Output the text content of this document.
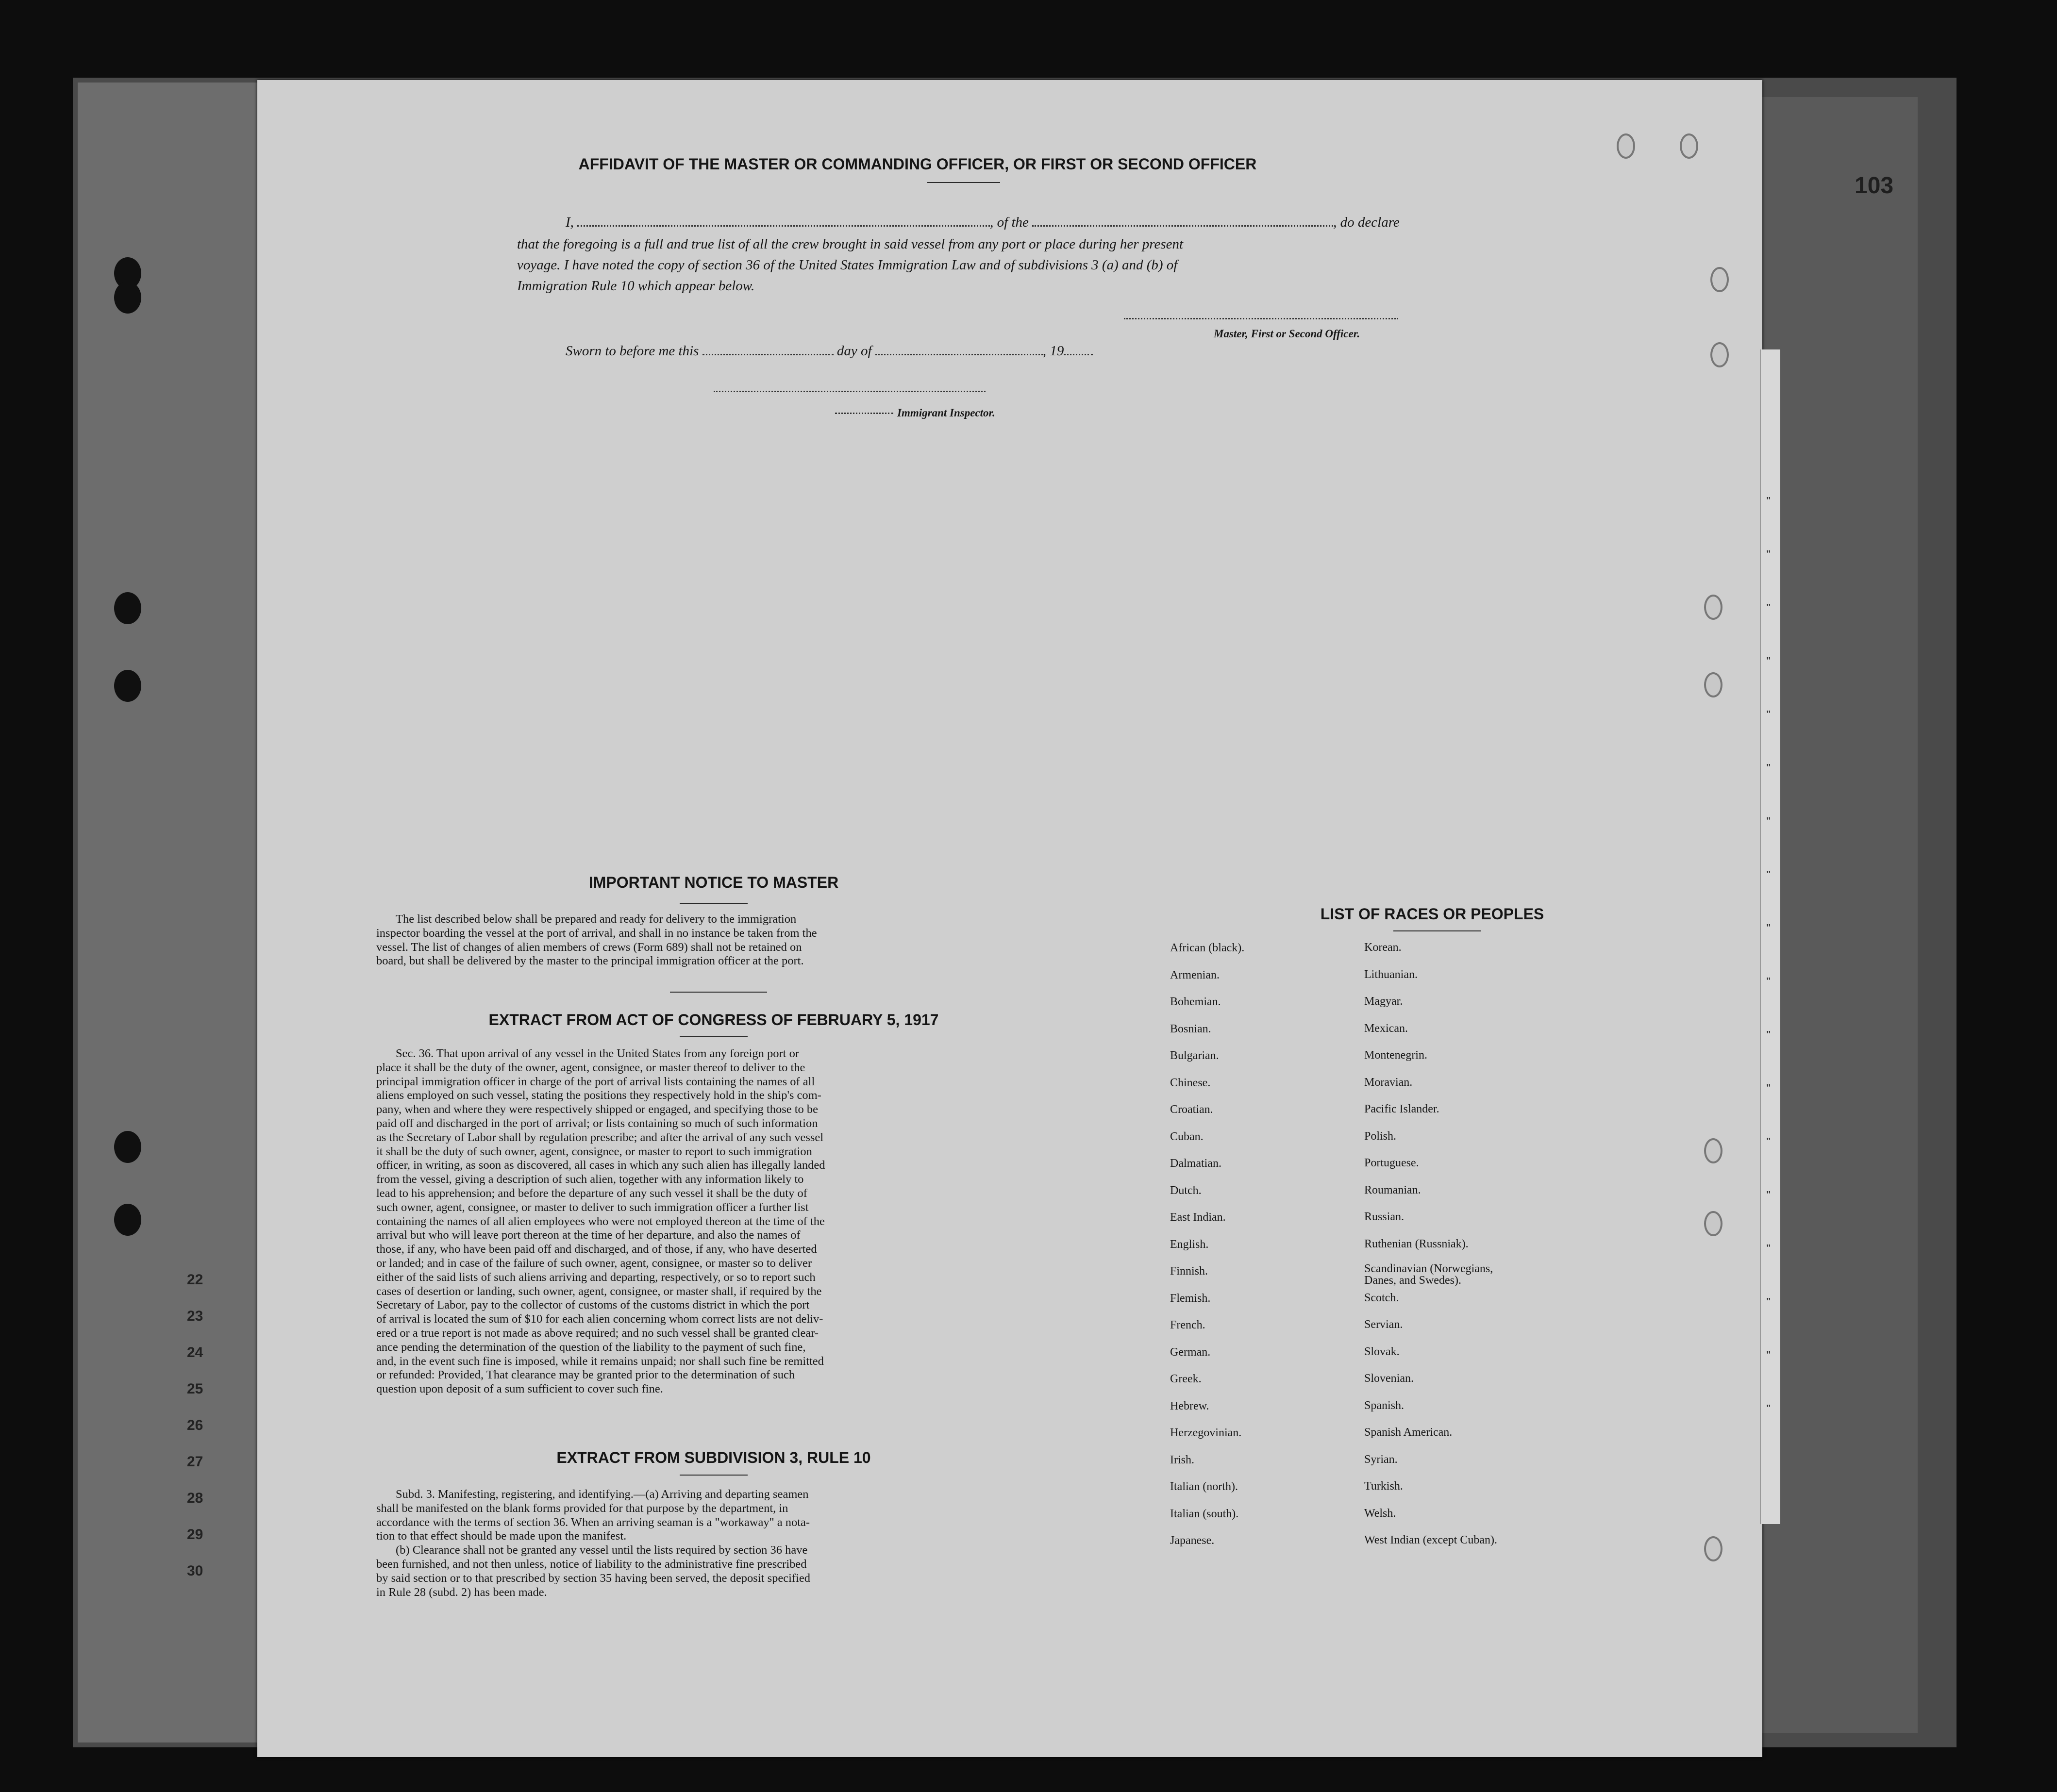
103
22
23
24
25
26
27
28
29
30
AFFIDAVIT OF THE MASTER OR COMMANDING OFFICER, OR FIRST OR SECOND OFFICER
I,	, of the	, do declare
that the foregoing is a full and true list of all the crew brought in said vessel from any port or place during her present
voyage. I have noted the copy of section 36 of the United States Immigration Law and of subdivisions 3 (a) and (b) of
Immigration Rule 10 which appear below.
Master, First or Second Officer.
Sworn to before me this	day of	, 19
Immigrant Inspector.
IMPORTANT NOTICE TO MASTER
The list described below shall be prepared and ready for delivery to the immigration
inspector boarding the vessel at the port of arrival, and shall in no instance be taken from the
vessel. The list of changes of alien members of crews (Form 689) shall not be retained on
board, but shall be delivered by the master to the principal immigration officer at the port.
EXTRACT FROM ACT OF CONGRESS OF FEBRUARY 5, 1917
Sec. 36. That upon arrival of any vessel in the United States from any foreign port or
place it shall be the duty of the owner, agent, consignee, or master thereof to deliver to the
principal immigration officer in charge of the port of arrival lists containing the names of all
aliens employed on such vessel, stating the positions they respectively hold in the ship's com-
pany, when and where they were respectively shipped or engaged, and specifying those to be
paid off and discharged in the port of arrival; or lists containing so much of such information
as the Secretary of Labor shall by regulation prescribe; and after the arrival of any such vessel
it shall be the duty of such owner, agent, consignee, or master to report to such immigration
officer, in writing, as soon as discovered, all cases in which any such alien has illegally landed
from the vessel, giving a description of such alien, together with any information likely to
lead to his apprehension; and before the departure of any such vessel it shall be the duty of
such owner, agent, consignee, or master to deliver to such immigration officer a further list
containing the names of all alien employees who were not employed thereon at the time of the
arrival but who will leave port thereon at the time of her departure, and also the names of
those, if any, who have been paid off and discharged, and of those, if any, who have deserted
or landed; and in case of the failure of such owner, agent, consignee, or master so to deliver
either of the said lists of such aliens arriving and departing, respectively, or so to report such
cases of desertion or landing, such owner, agent, consignee, or master shall, if required by the
Secretary of Labor, pay to the collector of customs of the customs district in which the port
of arrival is located the sum of $10 for each alien concerning whom correct lists are not deliv-
ered or a true report is not made as above required; and no such vessel shall be granted clear-
ance pending the determination of the question of the liability to the payment of such fine,
and, in the event such fine is imposed, while it remains unpaid; nor shall such fine be remitted
or refunded: Provided, That clearance may be granted prior to the determination of such
question upon deposit of a sum sufficient to cover such fine.
EXTRACT FROM SUBDIVISION 3, RULE 10
Subd. 3. Manifesting, registering, and identifying.—(a) Arriving and departing seamen
shall be manifested on the blank forms provided for that purpose by the department, in
accordance with the terms of section 36. When an arriving seaman is a "workaway" a nota-
tion to that effect should be made upon the manifest.
(b) Clearance shall not be granted any vessel until the lists required by section 36 have
been furnished, and not then unless, notice of liability to the administrative fine prescribed
by said section or to that prescribed by section 35 having been served, the deposit specified
in Rule 28 (subd. 2) has been made.
LIST OF RACES OR PEOPLES
African (black).	Korean.
Armenian.	Lithuanian.
Bohemian.	Magyar.
Bosnian.	Mexican.
Bulgarian.	Montenegrin.
Chinese.	Moravian.
Croatian.	Pacific Islander.
Cuban.	Polish.
Dalmatian.	Portuguese.
Dutch.	Roumanian.
East Indian.	Russian.
English.	Ruthenian (Russniak).
Finnish.	Scandinavian (Norwegians, Danes, and Swedes).
Flemish.	Scotch.
French.	Servian.
German.	Slovak.
Greek.	Slovenian.
Hebrew.	Spanish.
Herzegovinian.	Spanish American.
Irish.	Syrian.
Italian (north).	Turkish.
Italian (south).	Welsh.
Japanese.	West Indian (except Cuban).
"
"
"
"
"
"
"
"
"
"
"
"
"
"
"
"
"
"
